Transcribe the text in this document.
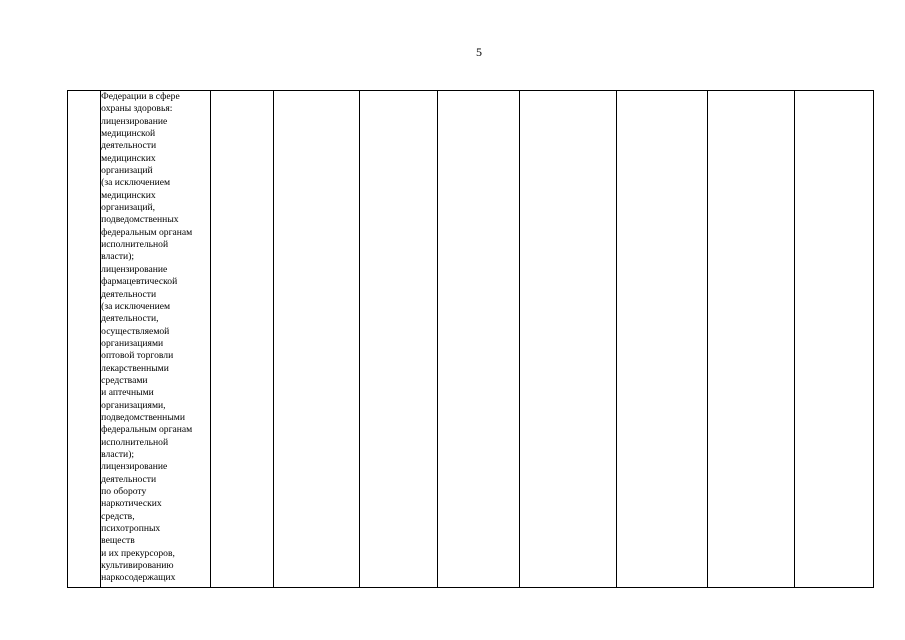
5

Федерации в сфере
охраны здоровья:
лицензирование
медицинской
деятельности
медицинских
организаций
(за исключением
медицинских
организаций,
подведомственных
федеральным органам
исполнительной
власти);
лицензирование
фармацевтической
деятельности
(за исключением
деятельности,
осуществляемой
организациями
оптовой торговли
лекарственными
средствами
и аптечными
организациями,
подведомственными
федеральным органам
исполнительной
власти);
лицензирование
деятельности
по обороту
наркотических
средств,
психотропных
веществ
и их прекурсоров,
культивированию
наркосодержащих
